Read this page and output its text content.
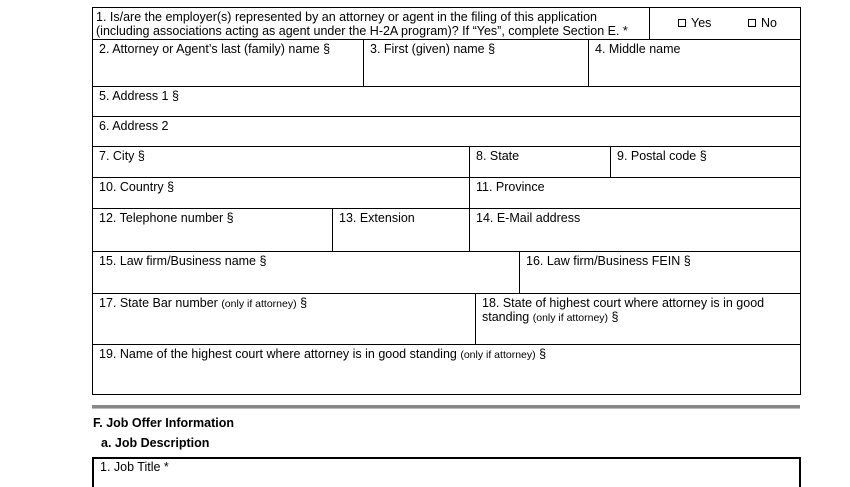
1. Is/are the employer(s) represented by an attorney or agent in the filing of this application
(including associations acting as agent under the H-2A program)? If “Yes”, complete Section E. *
Yes	No
2. Attorney or Agent’s last (family) name §	3. First (given) name §	4. Middle name
5. Address 1 §
6. Address 2
7. City §	8. State	9. Postal code §
10. Country §	11. Province
12. Telephone number §	13. Extension	14. E-Mail address
15. Law firm/Business name §	16. Law firm/Business FEIN §
17. State Bar number (only if attorney) §	18. State of highest court where attorney is in good
standing (only if attorney) §
19. Name of the highest court where attorney is in good standing (only if attorney) §
F. Job Offer Information
a. Job Description
1. Job Title *
